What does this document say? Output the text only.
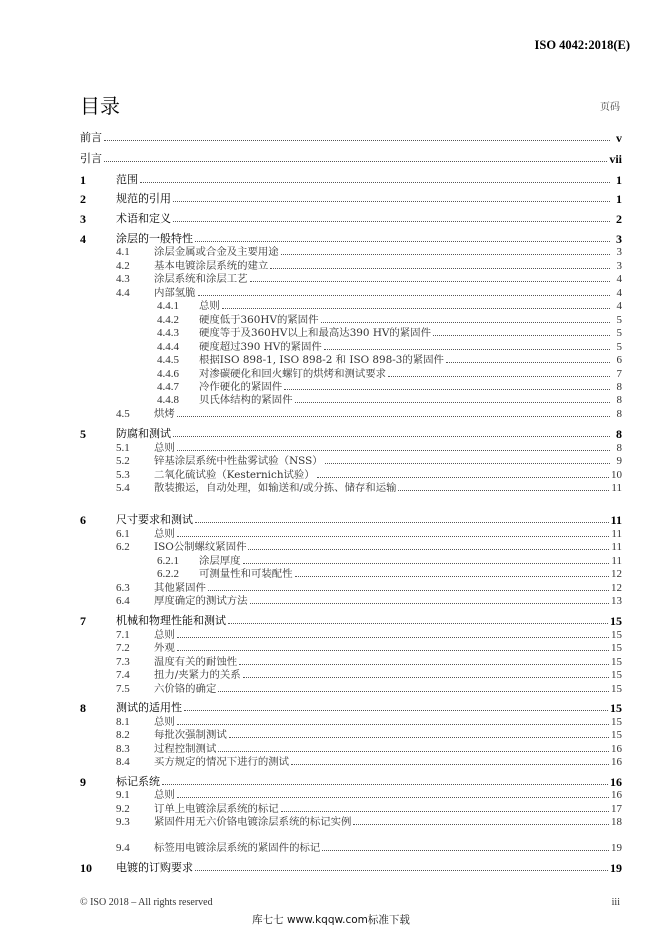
ISO 4042:2018(E)
目录	页码
前言	v
引言	vii
1	范围	1
2	规范的引用	1
3	术语和定义	2
4	涂层的一般特性	3
4.1	涂层金属或合金及主要用途	3
4.2	基本电镀涂层系统的建立	3
4.3	涂层系统和涂层工艺	4
4.4	内部氢脆	4
4.4.1	总则	4
4.4.2	硬度低于360HV的紧固件	5
4.4.3	硬度等于及360HV以上和最高达390 HV的紧固件	5
4.4.4	硬度超过390 HV的紧固件	5
4.4.5	根据ISO 898-1, ISO 898-2 和 ISO 898-3的紧固件	6
4.4.6	对渗碳硬化和回火螺钉的烘烤和测试要求	7
4.4.7	冷作硬化的紧固件	8
4.4.8	贝氏体结构的紧固件	8
4.5	烘烤	8
5	防腐和测试	8
5.1	总则	8
5.2	锌基涂层系统中性盐雾试验（NSS）	9
5.3	二氧化硫试验（Kesternich试验）	10
5.4	散装搬运，自动处理，如输送和/或分拣、储存和运输	11
6	尺寸要求和测试	11
6.1	总则	11
6.2	ISO公制螺纹紧固件	11
6.2.1	涂层厚度	11
6.2.2	可测量性和可装配性	12
6.3	其他紧固件	12
6.4	厚度确定的测试方法	13
7	机械和物理性能和测试	15
7.1	总则	15
7.2	外观	15
7.3	温度有关的耐蚀性	15
7.4	扭力/夹紧力的关系	15
7.5	六价铬的确定	15
8	测试的适用性	15
8.1	总则	15
8.2	每批次强制测试	15
8.3	过程控制测试	16
8.4	买方规定的情况下进行的测试	16
9	标记系统	16
9.1	总则	16
9.2	订单上电镀涂层系统的标记	17
9.3	紧固件用无六价铬电镀涂层系统的标记实例	18
9.4	标签用电镀涂层系统的紧固件的标记	19
10	电镀的订购要求	19
© ISO 2018 – All rights reserved	iii
库七七 www.kqqw.com标准下载
